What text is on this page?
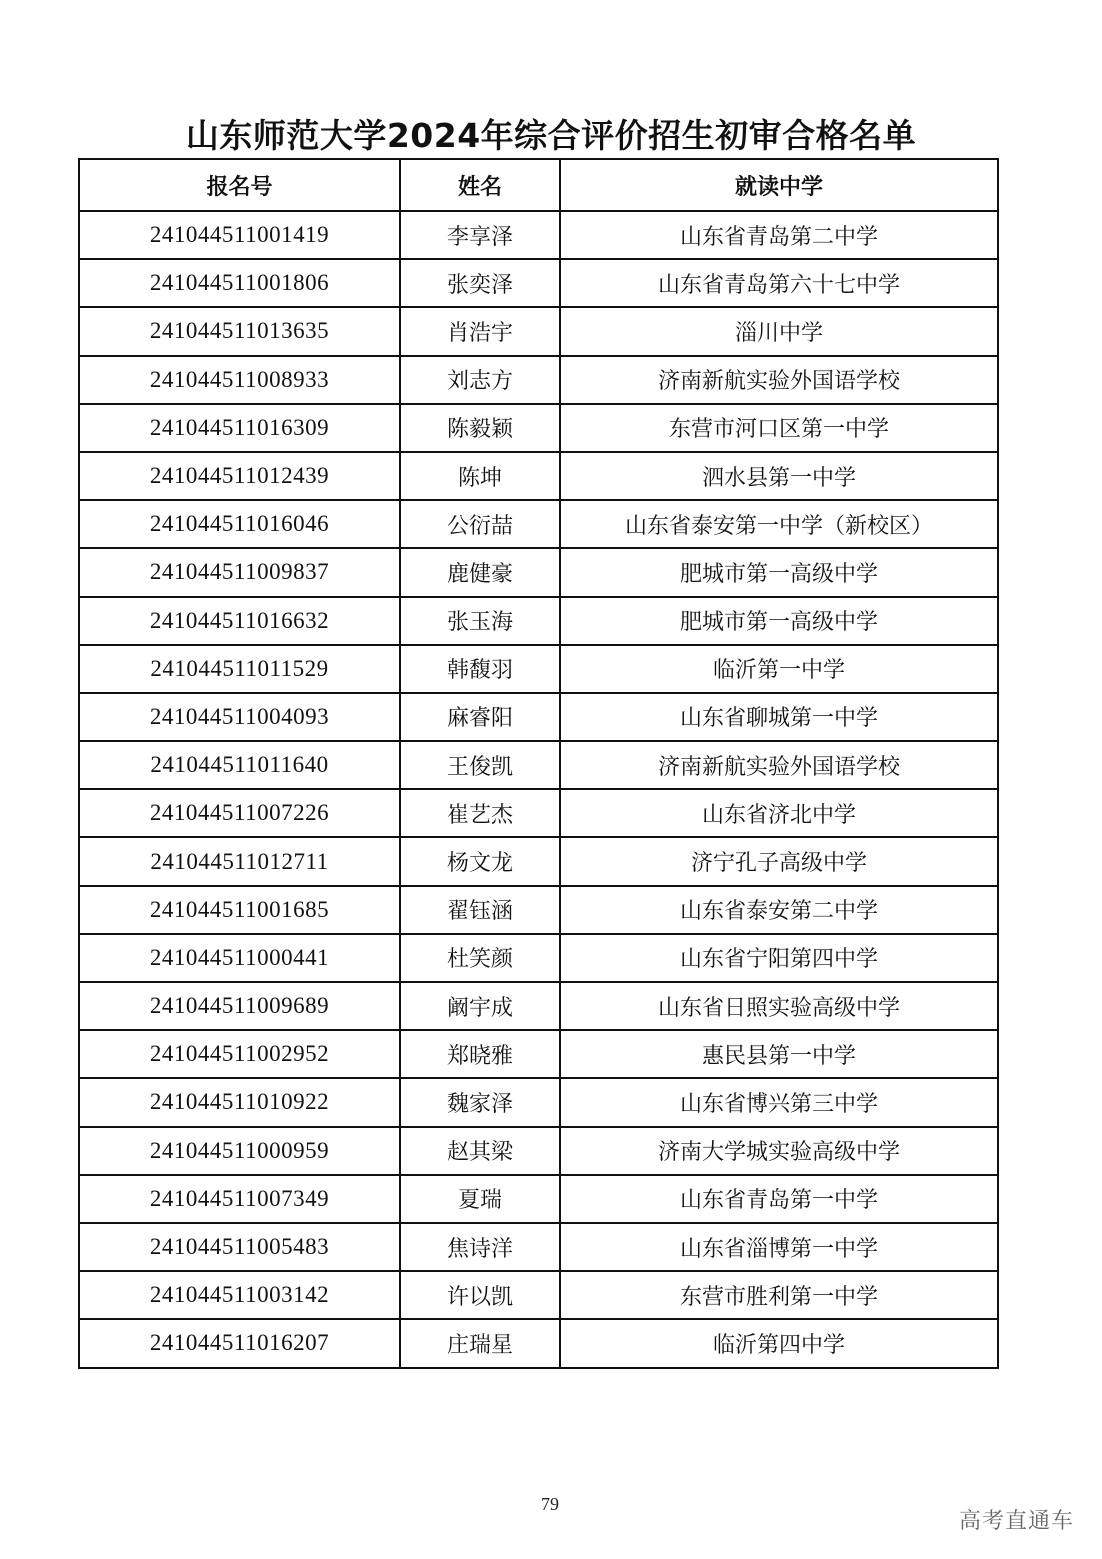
山东师范大学2024年综合评价招生初审合格名单
报名号	姓名	就读中学
241044511001419	李享泽	山东省青岛第二中学
241044511001806	张奕泽	山东省青岛第六十七中学
241044511013635	肖浩宇	淄川中学
241044511008933	刘志方	济南新航实验外国语学校
241044511016309	陈毅颖	东营市河口区第一中学
241044511012439	陈坤	泗水县第一中学
241044511016046	公衍喆	山东省泰安第一中学（新校区）
241044511009837	鹿健豪	肥城市第一高级中学
241044511016632	张玉海	肥城市第一高级中学
241044511011529	韩馥羽	临沂第一中学
241044511004093	麻睿阳	山东省聊城第一中学
241044511011640	王俊凯	济南新航实验外国语学校
241044511007226	崔艺杰	山东省济北中学
241044511012711	杨文龙	济宁孔子高级中学
241044511001685	翟钰涵	山东省泰安第二中学
241044511000441	杜笑颜	山东省宁阳第四中学
241044511009689	阚宇成	山东省日照实验高级中学
241044511002952	郑晓雅	惠民县第一中学
241044511010922	魏家泽	山东省博兴第三中学
241044511000959	赵其梁	济南大学城实验高级中学
241044511007349	夏瑞	山东省青岛第一中学
241044511005483	焦诗洋	山东省淄博第一中学
241044511003142	许以凯	东营市胜利第一中学
241044511016207	庄瑞星	临沂第四中学
79
高考直通车
